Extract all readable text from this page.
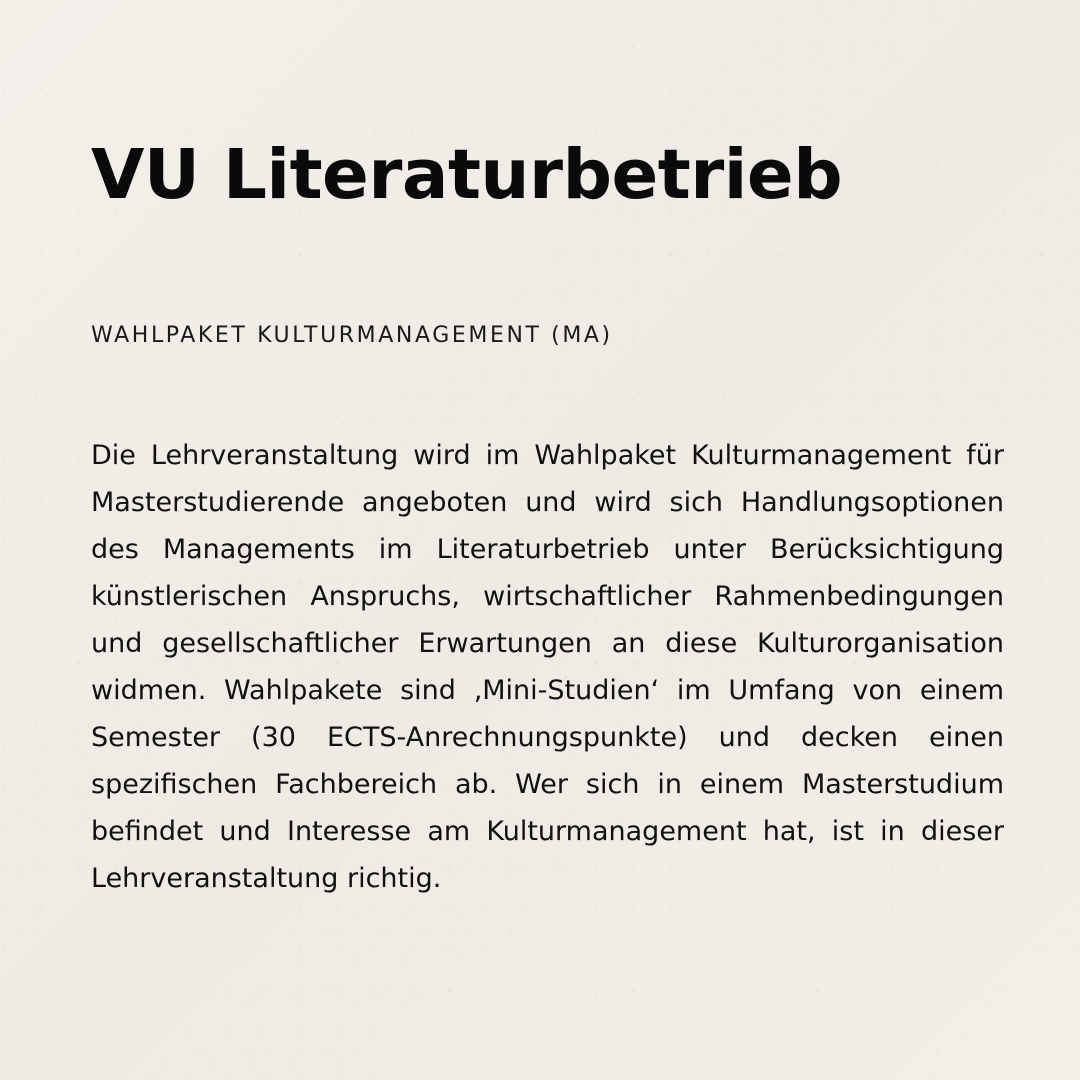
VU Literaturbetrieb
WAHLPAKET KULTURMANAGEMENT (MA)

Die Lehrveranstaltung wird im Wahlpaket Kulturmanagement für Masterstudierende angeboten und wird sich Handlungsoptionen des Managements im Literaturbetrieb unter Berücksichtigung künstlerischen Anspruchs, wirtschaftlicher Rahmenbedingungen und gesellschaftlicher Erwartungen an diese Kulturorganisation widmen. Wahlpakete sind ‚Mini-Studien‘ im Umfang von einem Semester (30 ECTS-Anrechnungspunkte) und decken einen spezifischen Fachbereich ab. Wer sich in einem Masterstudium befindet und Interesse am Kulturmanagement hat, ist in dieser Lehrveranstaltung richtig.
